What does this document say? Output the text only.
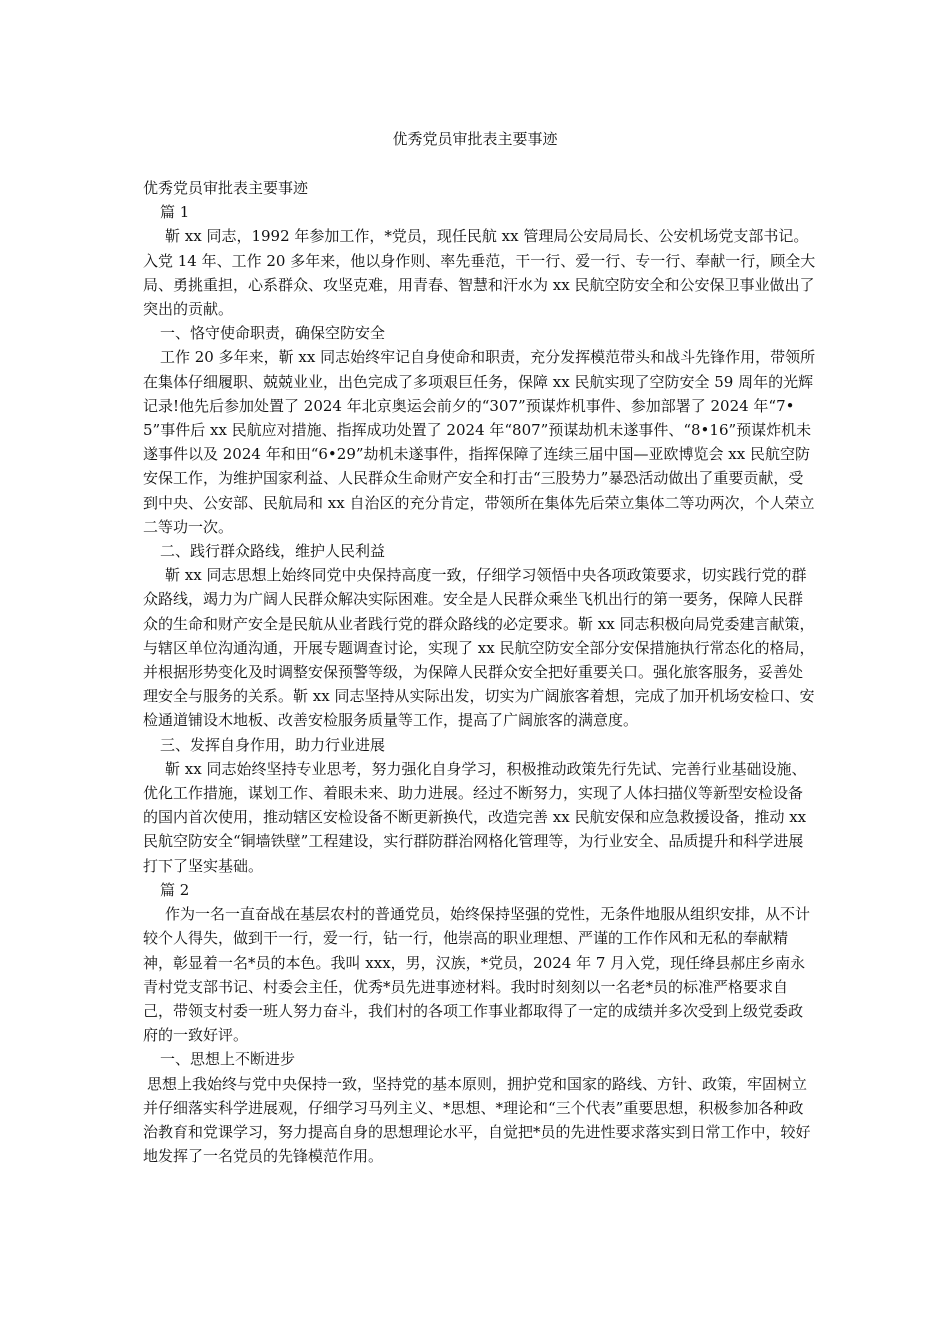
优秀党员审批表主要事迹

优秀党员审批表主要事迹

篇 1

靳 xx 同志，1992 年参加工作，*党员，现任民航 xx 管理局公安局局长、公安机场党支部书记。入党 14 年、工作 20 多年来，他以身作则、率先垂范，干一行、爱一行、专一行、奉献一行，顾全大局、勇挑重担，心系群众、攻坚克难，用青春、智慧和汗水为 xx 民航空防安全和公安保卫事业做出了突出的贡献。

一、恪守使命职责，确保空防安全

工作 20 多年来，靳 xx 同志始终牢记自身使命和职责，充分发挥模范带头和战斗先锋作用，带领所在集体仔细履职、兢兢业业，出色完成了多项艰巨任务，保障 xx 民航实现了空防安全 59 周年的光辉记录!他先后参加处置了 2024 年北京奥运会前夕的“307”预谋炸机事件、参加部署了 2024 年“7•5”事件后 xx 民航应对措施、指挥成功处置了 2024 年“807”预谋劫机未遂事件、“8•16”预谋炸机未遂事件以及 2024 年和田“6•29”劫机未遂事件，指挥保障了连续三届中国—亚欧博览会 xx 民航空防安保工作，为维护国家利益、人民群众生命财产安全和打击“三股势力”暴恐活动做出了重要贡献，受到中央、公安部、民航局和 xx 自治区的充分肯定，带领所在集体先后荣立集体二等功两次，个人荣立二等功一次。

二、践行群众路线，维护人民利益

靳 xx 同志思想上始终同党中央保持高度一致，仔细学习领悟中央各项政策要求，切实践行党的群众路线，竭力为广阔人民群众解决实际困难。安全是人民群众乘坐飞机出行的第一要务，保障人民群众的生命和财产安全是民航从业者践行党的群众路线的必定要求。靳 xx 同志积极向局党委建言献策，与辖区单位沟通沟通，开展专题调查讨论，实现了 xx 民航空防安全部分安保措施执行常态化的格局，并根据形势变化及时调整安保预警等级，为保障人民群众安全把好重要关口。强化旅客服务，妥善处理安全与服务的关系。靳 xx 同志坚持从实际出发，切实为广阔旅客着想，完成了加开机场安检口、安检通道铺设木地板、改善安检服务质量等工作，提高了广阔旅客的满意度。

三、发挥自身作用，助力行业进展

靳 xx 同志始终坚持专业思考，努力强化自身学习，积极推动政策先行先试、完善行业基础设施、优化工作措施，谋划工作、着眼未来、助力进展。经过不断努力，实现了人体扫描仪等新型安检设备的国内首次使用，推动辖区安检设备不断更新换代，改造完善 xx 民航安保和应急救援设备，推动 xx 民航空防安全“铜墙铁壁”工程建设，实行群防群治网格化管理等，为行业安全、品质提升和科学进展打下了坚实基础。

篇 2

作为一名一直奋战在基层农村的普通党员，始终保持坚强的党性，无条件地服从组织安排，从不计较个人得失，做到干一行，爱一行，钻一行，他崇高的职业理想、严谨的工作作风和无私的奉献精神，彰显着一名*员的本色。我叫 xxx，男，汉族，*党员，2024 年 7 月入党，现任绛县郝庄乡南永青村党支部书记、村委会主任，优秀*员先进事迹材料。我时时刻刻以一名老*员的标准严格要求自己，带领支村委一班人努力奋斗，我们村的各项工作事业都取得了一定的成绩并多次受到上级党委政府的一致好评。

一、思想上不断进步

思想上我始终与党中央保持一致，坚持党的基本原则，拥护党和国家的路线、方针、政策，牢固树立并仔细落实科学进展观，仔细学习马列主义、*思想、*理论和“三个代表”重要思想，积极参加各种政治教育和党课学习，努力提高自身的思想理论水平，自觉把*员的先进性要求落实到日常工作中，较好地发挥了一名党员的先锋模范作用。
